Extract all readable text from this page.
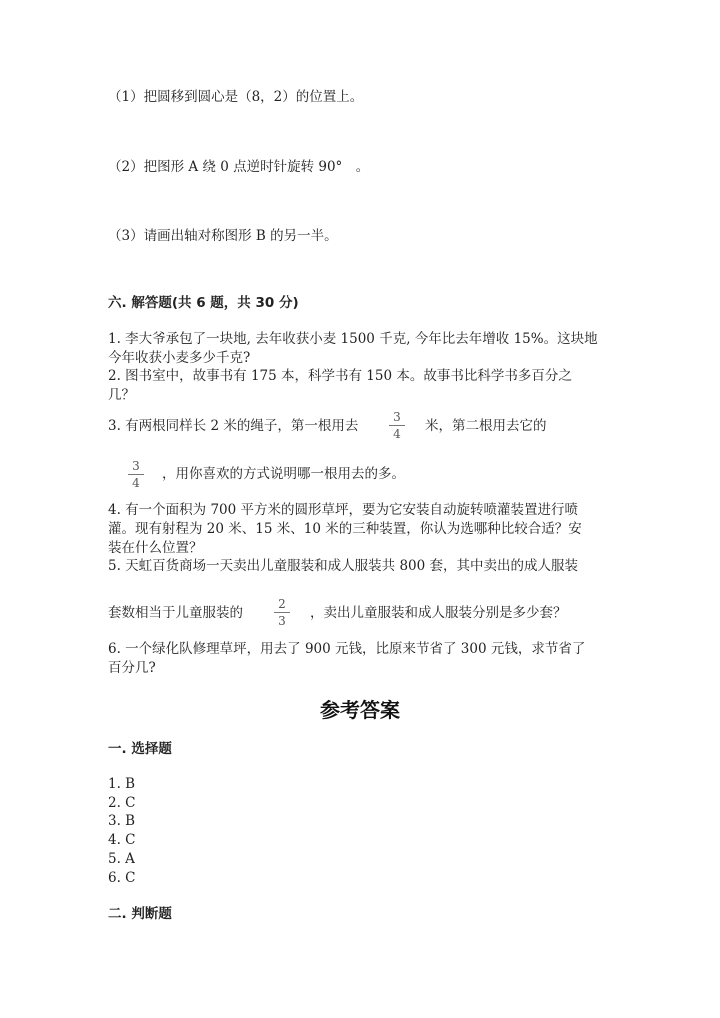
（1）把圆移到圆心是（8，2）的位置上。
（2）把图形 A 绕 0 点逆时针旋转 90°　。
（3）请画出轴对称图形 B 的另一半。
六. 解答题(共 6 题，共 30 分)
1. 李大爷承包了一块地, 去年收获小麦 1500 千克, 今年比去年增收 15%。这块地
今年收获小麦多少千克?
2. 图书室中，故事书有 175 本，科学书有 150 本。故事书比科学书多百分之
几？
3. 有两根同样长 2 米的绳子，第一根用去
3
4	米，第二根用去它的
3
4
，用你喜欢的方式说明哪一根用去的多。
4. 有一个面积为 700 平方米的圆形草坪，要为它安装自动旋转喷灌装置进行喷
灌。现有射程为 20 米、15 米、10 米的三种装置，你认为选哪种比较合适？安
装在什么位置？
5. 天虹百货商场一天卖出儿童服装和成人服装共 800 套，其中卖出的成人服装
套数相当于儿童服装的
2
3	，卖出儿童服装和成人服装分别是多少套？
6. 一个绿化队修理草坪，用去了 900 元钱，比原来节省了 300 元钱，求节省了
百分几?
参考答案
一. 选择题
1. B
2. C
3. B
4. C
5. A
6. C
二. 判断题
